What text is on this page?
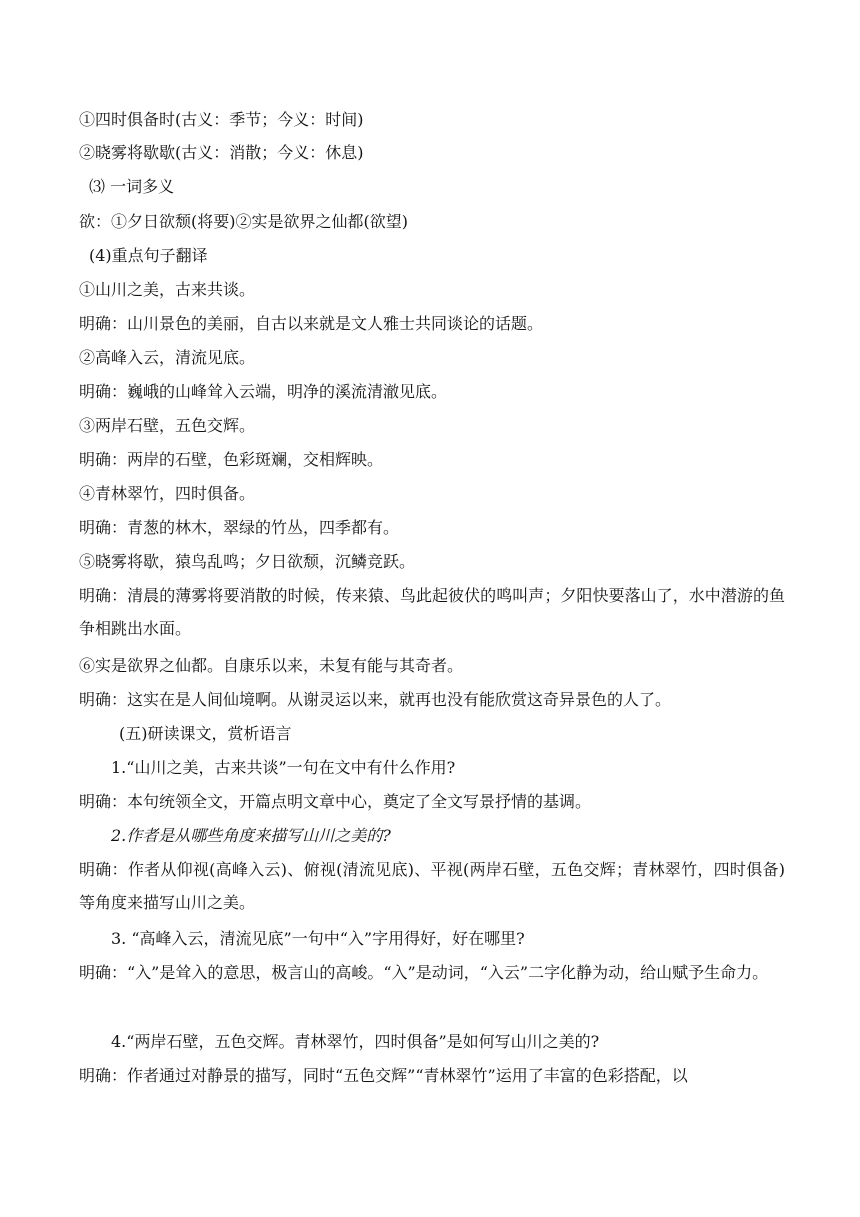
①四时俱备时(古义：季节；今义：时间)
②晓雾将歇歇(古义：消散；今义：休息)
⑶ 一词多义
欲：①夕日欲颓(将要)②实是欲界之仙都(欲望)
(4)重点句子翻译
①山川之美，古来共谈。
明确：山川景色的美丽，自古以来就是文人雅士共同谈论的话题。
②高峰入云，清流见底。
明确：巍峨的山峰耸入云端，明净的溪流清澈见底。
③两岸石壁，五色交辉。
明确：两岸的石壁，色彩斑斓，交相辉映。
④青林翠竹，四时俱备。
明确：青葱的林木，翠绿的竹丛，四季都有。
⑤晓雾将歇，猿鸟乱鸣；夕日欲颓，沉鳞竞跃。
明确：清晨的薄雾将要消散的时候，传来猿、鸟此起彼伏的鸣叫声；夕阳快要落山了，水中潜游的鱼争相跳出水面。
⑥实是欲界之仙都。自康乐以来，未复有能与其奇者。
明确：这实在是人间仙境啊。从谢灵运以来，就再也没有能欣赏这奇异景色的人了。
(五)研读课文，赏析语言
1.“山川之美，古来共谈”一句在文中有什么作用?
明确：本句统领全文，开篇点明文章中心，奠定了全文写景抒情的基调。
2.作者是从哪些角度来描写山川之美的?
明确：作者从仰视(高峰入云)、俯视(清流见底)、平视(两岸石壁，五色交辉；青林翠竹，四时俱备)等角度来描写山川之美。
3. “高峰入云，清流见底”一句中“入”字用得好，好在哪里?
明确：“入”是耸入的意思，极言山的高峻。“入”是动词，“入云”二字化静为动，给山赋予生命力。
4.“两岸石壁，五色交辉。青林翠竹，四时俱备”是如何写山川之美的?
明确：作者通过对静景的描写，同时“五色交辉”“青林翠竹”运用了丰富的色彩搭配，以
